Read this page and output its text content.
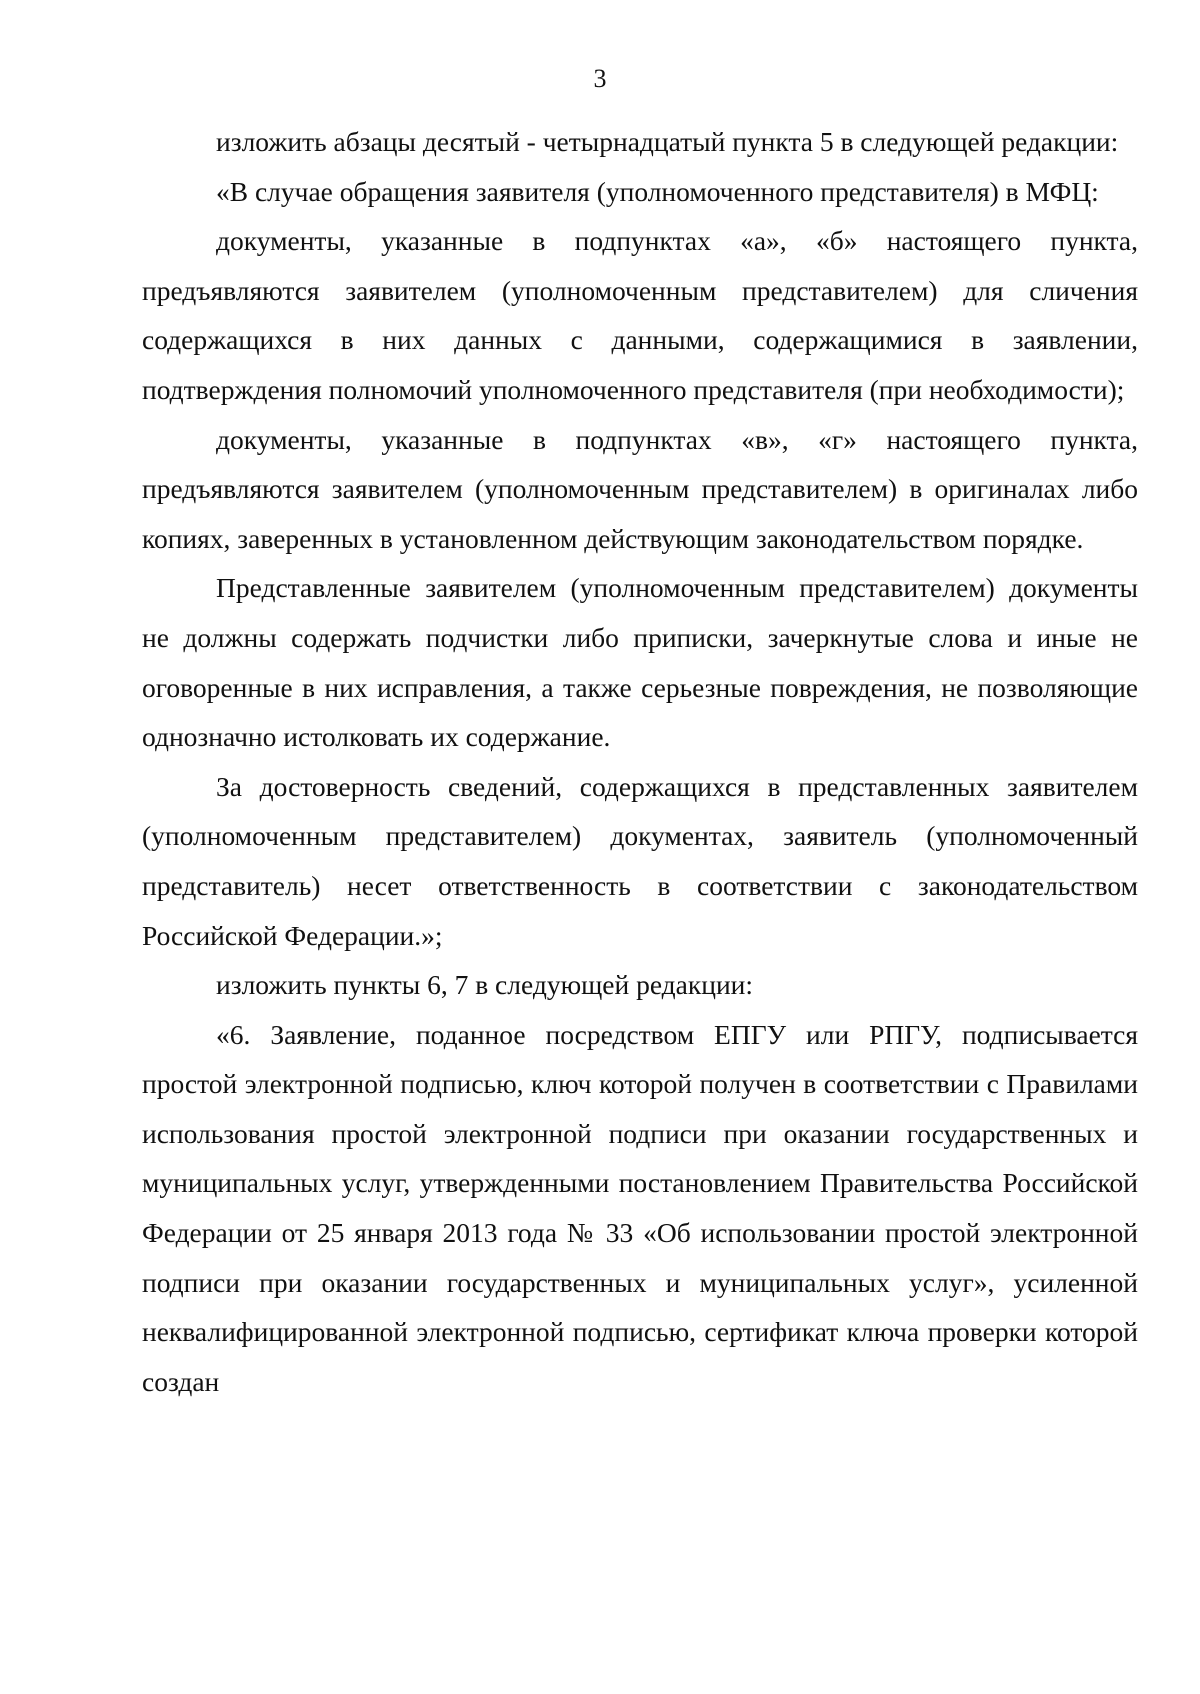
3

изложить абзацы десятый - четырнадцатый пункта 5 в следующей редакции:

«В случае обращения заявителя (уполномоченного представителя) в МФЦ:

документы, указанные в подпунктах «а», «б» настоящего пункта, предъявляются заявителем (уполномоченным представителем) для сличения содержащихся в них данных с данными, содержащимися в заявлении, подтверждения полномочий уполномоченного представителя (при необходимости);

документы, указанные в подпунктах «в», «г» настоящего пункта, предъявляются заявителем (уполномоченным представителем) в оригиналах либо копиях, заверенных в установленном действующим законодательством порядке.

Представленные заявителем (уполномоченным представителем) документы не должны содержать подчистки либо приписки, зачеркнутые слова и иные не оговоренные в них исправления, а также серьезные повреждения, не позволяющие однозначно истолковать их содержание.

За достоверность сведений, содержащихся в представленных заявителем (уполномоченным представителем) документах, заявитель (уполномоченный представитель) несет ответственность в соответствии с законодательством Российской Федерации.»;

изложить пункты 6, 7 в следующей редакции:

«6. Заявление, поданное посредством ЕПГУ или РПГУ, подписывается простой электронной подписью, ключ которой получен в соответствии с Правилами использования простой электронной подписи при оказании государственных и муниципальных услуг, утвержденными постановлением Правительства Российской Федерации от 25 января 2013 года № 33 «Об использовании простой электронной подписи при оказании государственных и муниципальных услуг», усиленной неквалифицированной электронной подписью, сертификат ключа проверки которой создан
